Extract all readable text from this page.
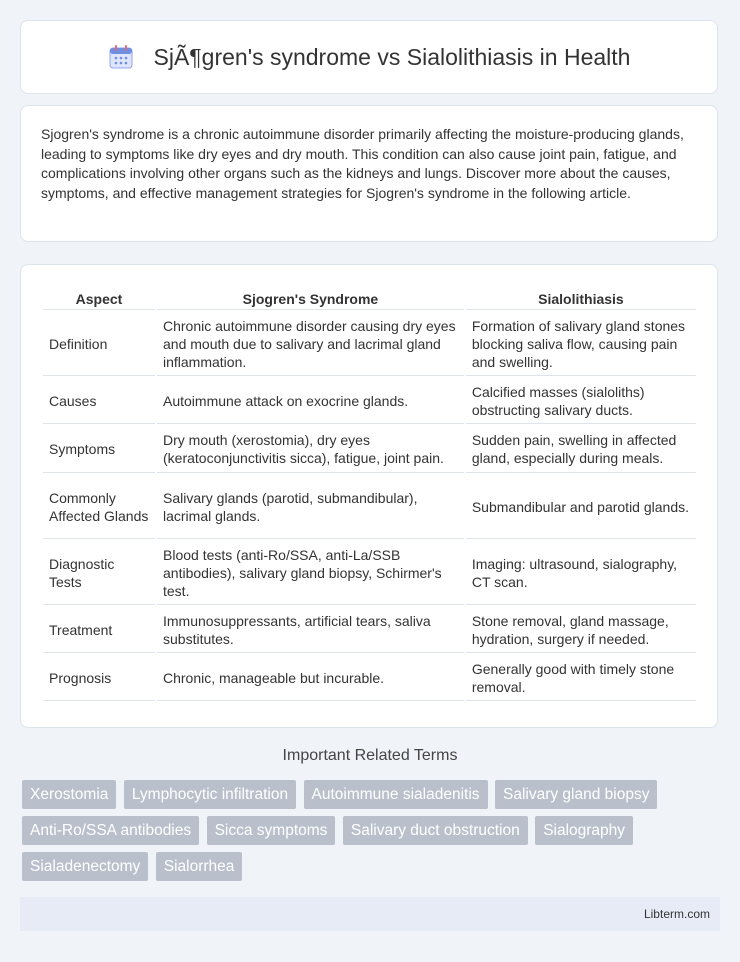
SjÃ¶gren's syndrome vs Sialolithiasis in Health

Sjogren's syndrome is a chronic autoimmune disorder primarily affecting the moisture-producing glands, leading to symptoms like dry eyes and dry mouth. This condition can also cause joint pain, fatigue, and complications involving other organs such as the kidneys and lungs. Discover more about the causes, symptoms, and effective management strategies for Sjogren's syndrome in the following article.

Aspect	Sjogren's Syndrome	Sialolithiasis
Definition	Chronic autoimmune disorder causing dry eyes and mouth due to salivary and lacrimal gland inflammation.	Formation of salivary gland stones blocking saliva flow, causing pain and swelling.
Causes	Autoimmune attack on exocrine glands.	Calcified masses (sialoliths) obstructing salivary ducts.
Symptoms	Dry mouth (xerostomia), dry eyes (keratoconjunctivitis sicca), fatigue, joint pain.	Sudden pain, swelling in affected gland, especially during meals.
Commonly Affected Glands	Salivary glands (parotid, submandibular), lacrimal glands.	Submandibular and parotid glands.
Diagnostic Tests	Blood tests (anti-Ro/SSA, anti-La/SSB antibodies), salivary gland biopsy, Schirmer's test.	Imaging: ultrasound, sialography, CT scan.
Treatment	Immunosuppressants, artificial tears, saliva substitutes.	Stone removal, gland massage, hydration, surgery if needed.
Prognosis	Chronic, manageable but incurable.	Generally good with timely stone removal.
Important Related Terms
Xerostomia Lymphocytic infiltration Autoimmune sialadenitis Salivary gland biopsy
Anti-Ro/SSA antibodies Sicca symptoms Salivary duct obstruction Sialography
Sialadenectomy Sialorrhea
Libterm.com
